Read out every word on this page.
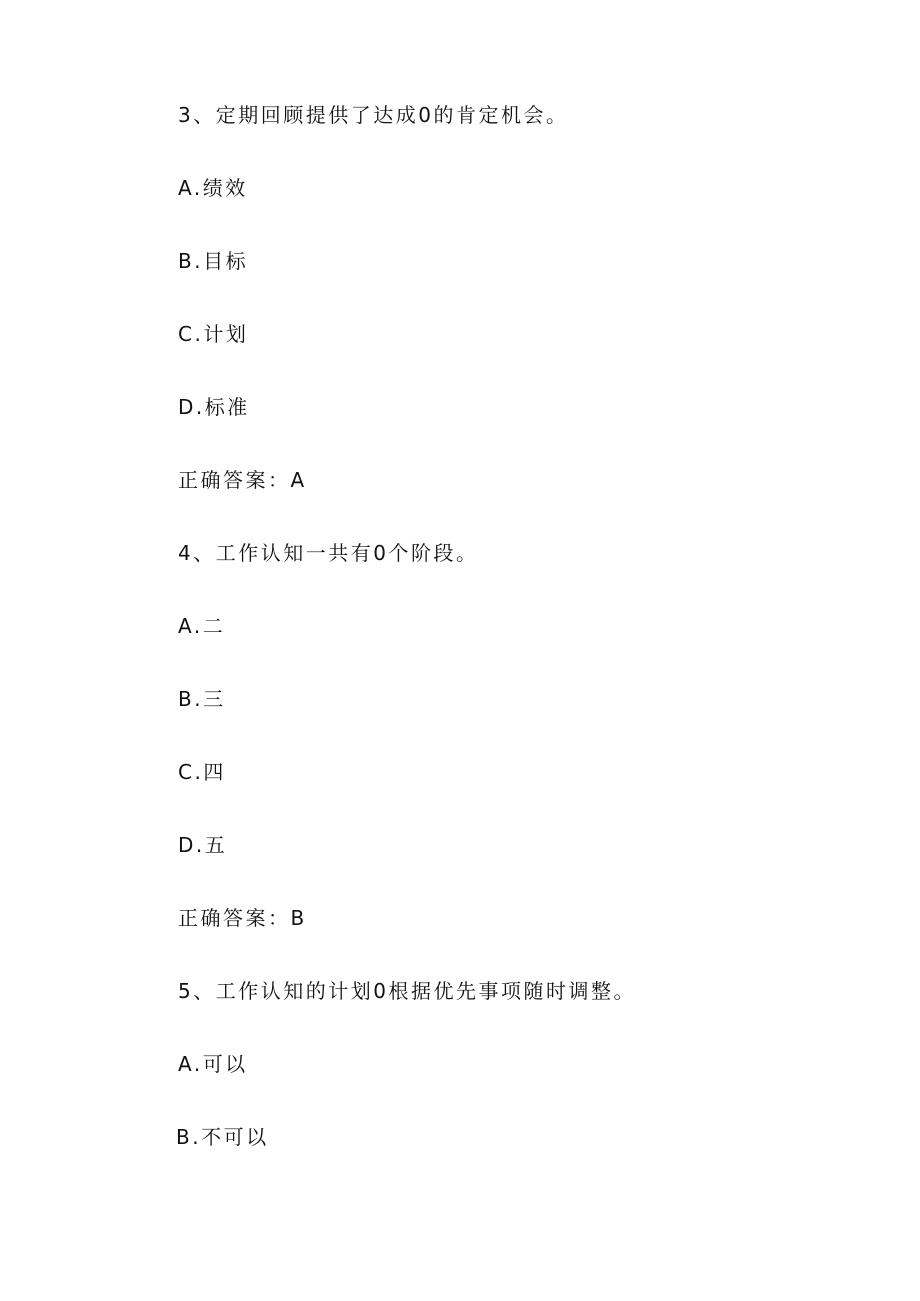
3、定期回顾提供了达成0的肯定机会。

A.绩效

B.目标

C.计划

D.标准

正确答案：A

4、工作认知一共有0个阶段。

A.二

B.三

C.四

D.五

正确答案：B

5、工作认知的计划0根据优先事项随时调整。

A.可以

B.不可以
